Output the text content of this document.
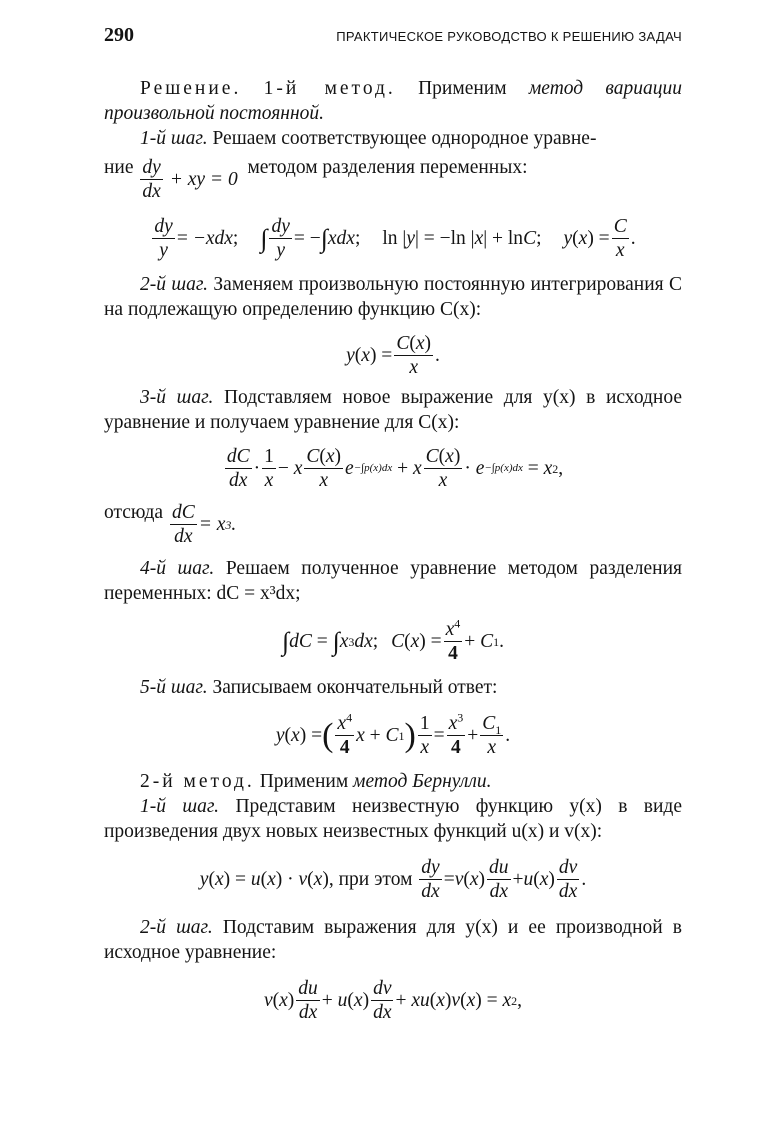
290	ПРАКТИЧЕСКОЕ РУКОВОДСТВО К РЕШЕНИЮ ЗАДАЧ

Решение. 1-й метод. Применим метод вариации произвольной постоянной.

1-й шаг. Решаем соответствующее однородное уравне-

ние $\frac{dy}{dx}$ + xy = 0
методом разделения переменных:

$\frac{dy}{y}$ = − xdx ; ∫ $\frac{dy}{y}$ = − ∫ xdx ; ln | y | = −ln | x | + ln C ; y ( x ) = $\frac{C}{x}$ .

2-й шаг. Заменяем произвольную постоянную интегрирования C на подлежащую определению функцию C(x):

y ( x ) = $\frac{C(x)}{x}$ .

3-й шаг. Подставляем новое выражение для y(x) в исходное уравнение и получаем уравнение для C(x):

$\frac{dC}{dx} \cdot \frac{1}{x} - x \frac{C(x)}{x}$ e −∫p(x)dx + x $\frac{C(x)}{x} \cdot e -\int p(x)dx = x$ 2 ,

отсюда $\frac{dC}{dx} = x$ 3 .

4-й шаг. Решаем полученное уравнение методом разделения переменных: dC = x³dx;

∫ dC = ∫ x 3 dx ; C ( x ) = $\frac{x^4}{4} + C$ 1 .

5-й шаг. Записываем окончательный ответ:

y ( x ) = ( $\frac{x^4}{4}$ x + C 1 ) $\frac{1}{x} = \frac{x^3}{4} + \frac{C_1}{x}$ .

2-й метод. Применим метод Бернулли.

1-й шаг. Представим неизвестную функцию y(x) в виде произведения двух новых неизвестных функций u(x) и v(x):

y ( x ) = u ( x ) · v ( x ), при этом $\frac{dy}{dx} = v$ ( x ) $\frac{du}{dx} + u$ ( x ) $\frac{dv}{dx}$ .

2-й шаг. Подставим выражения для y(x) и ее производной в исходное уравнение:

v ( x ) $\frac{du}{dx} + u$ ( x ) $\frac{dv}{dx}$ + xu ( x ) v ( x ) = x 2 ,
